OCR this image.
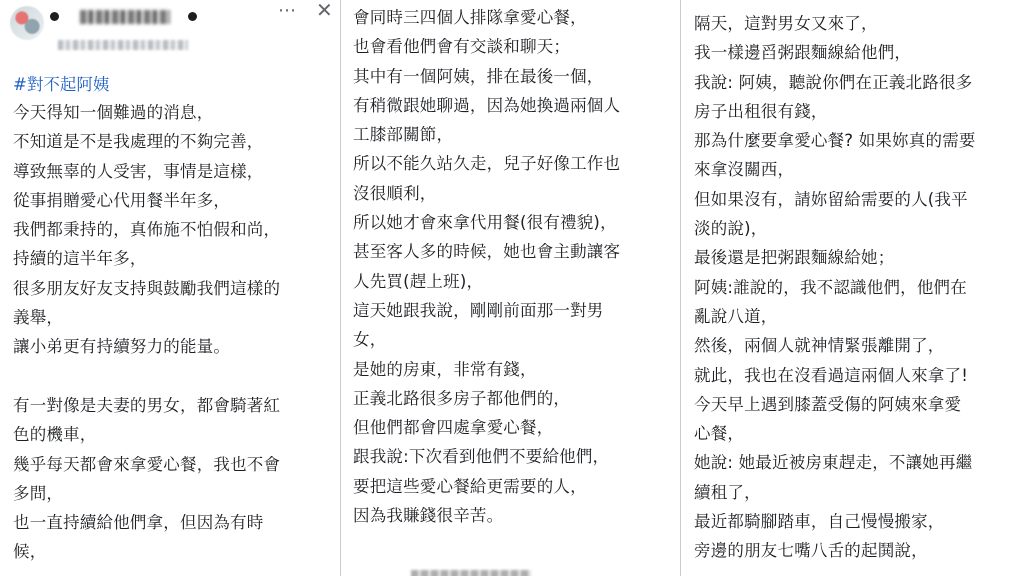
⋯ ✕

#對不起阿姨

今天得知一個難過的消息，
不知道是不是我處理的不夠完善，
導致無辜的人受害，事情是這樣，
從事捐贈愛心代用餐半年多，
我們都秉持的，真佈施不怕假和尚，
持續的這半年多，
很多朋友好友支持與鼓勵我們這樣的
義舉，
讓小弟更有持續努力的能量。
有一對像是夫妻的男女，都會騎著紅
色的機車，
幾乎每天都會來拿愛心餐，我也不會
多問，
也一直持續給他們拿，但因為有時
候，
會同時三四個人排隊拿愛心餐，
也會看他們會有交談和聊天；
其中有一個阿姨，排在最後一個，
有稍微跟她聊過，因為她換過兩個人
工膝部關節，
所以不能久站久走，兒子好像工作也
沒很順利，
所以她才會來拿代用餐(很有禮貌)，
甚至客人多的時候，她也會主動讓客
人先買(趕上班)，
這天她跟我說，剛剛前面那一對男
女，
是她的房東，非常有錢，
正義北路很多房子都他們的，
但他們都會四處拿愛心餐，
跟我說:下次看到他們不要給他們，
要把這些愛心餐給更需要的人，
因為我賺錢很辛苦。
隔天，這對男女又來了，
我一樣邊舀粥跟麵線給他們，
我說: 阿姨，聽說你們在正義北路很多
房子出租很有錢，
那為什麼要拿愛心餐? 如果妳真的需要
來拿沒關西，
但如果沒有，請妳留給需要的人(我平
淡的說)，
最後還是把粥跟麵線給她；
阿姨:誰說的，我不認識他們，他們在
亂說八道，
然後，兩個人就神情緊張離開了，
就此，我也在沒看過這兩個人來拿了!
今天早上遇到膝蓋受傷的阿姨來拿愛
心餐，
她說: 她最近被房東趕走，不讓她再繼
續租了，
最近都騎腳踏車，自己慢慢搬家，
旁邊的朋友七嘴八舌的起鬨說，
